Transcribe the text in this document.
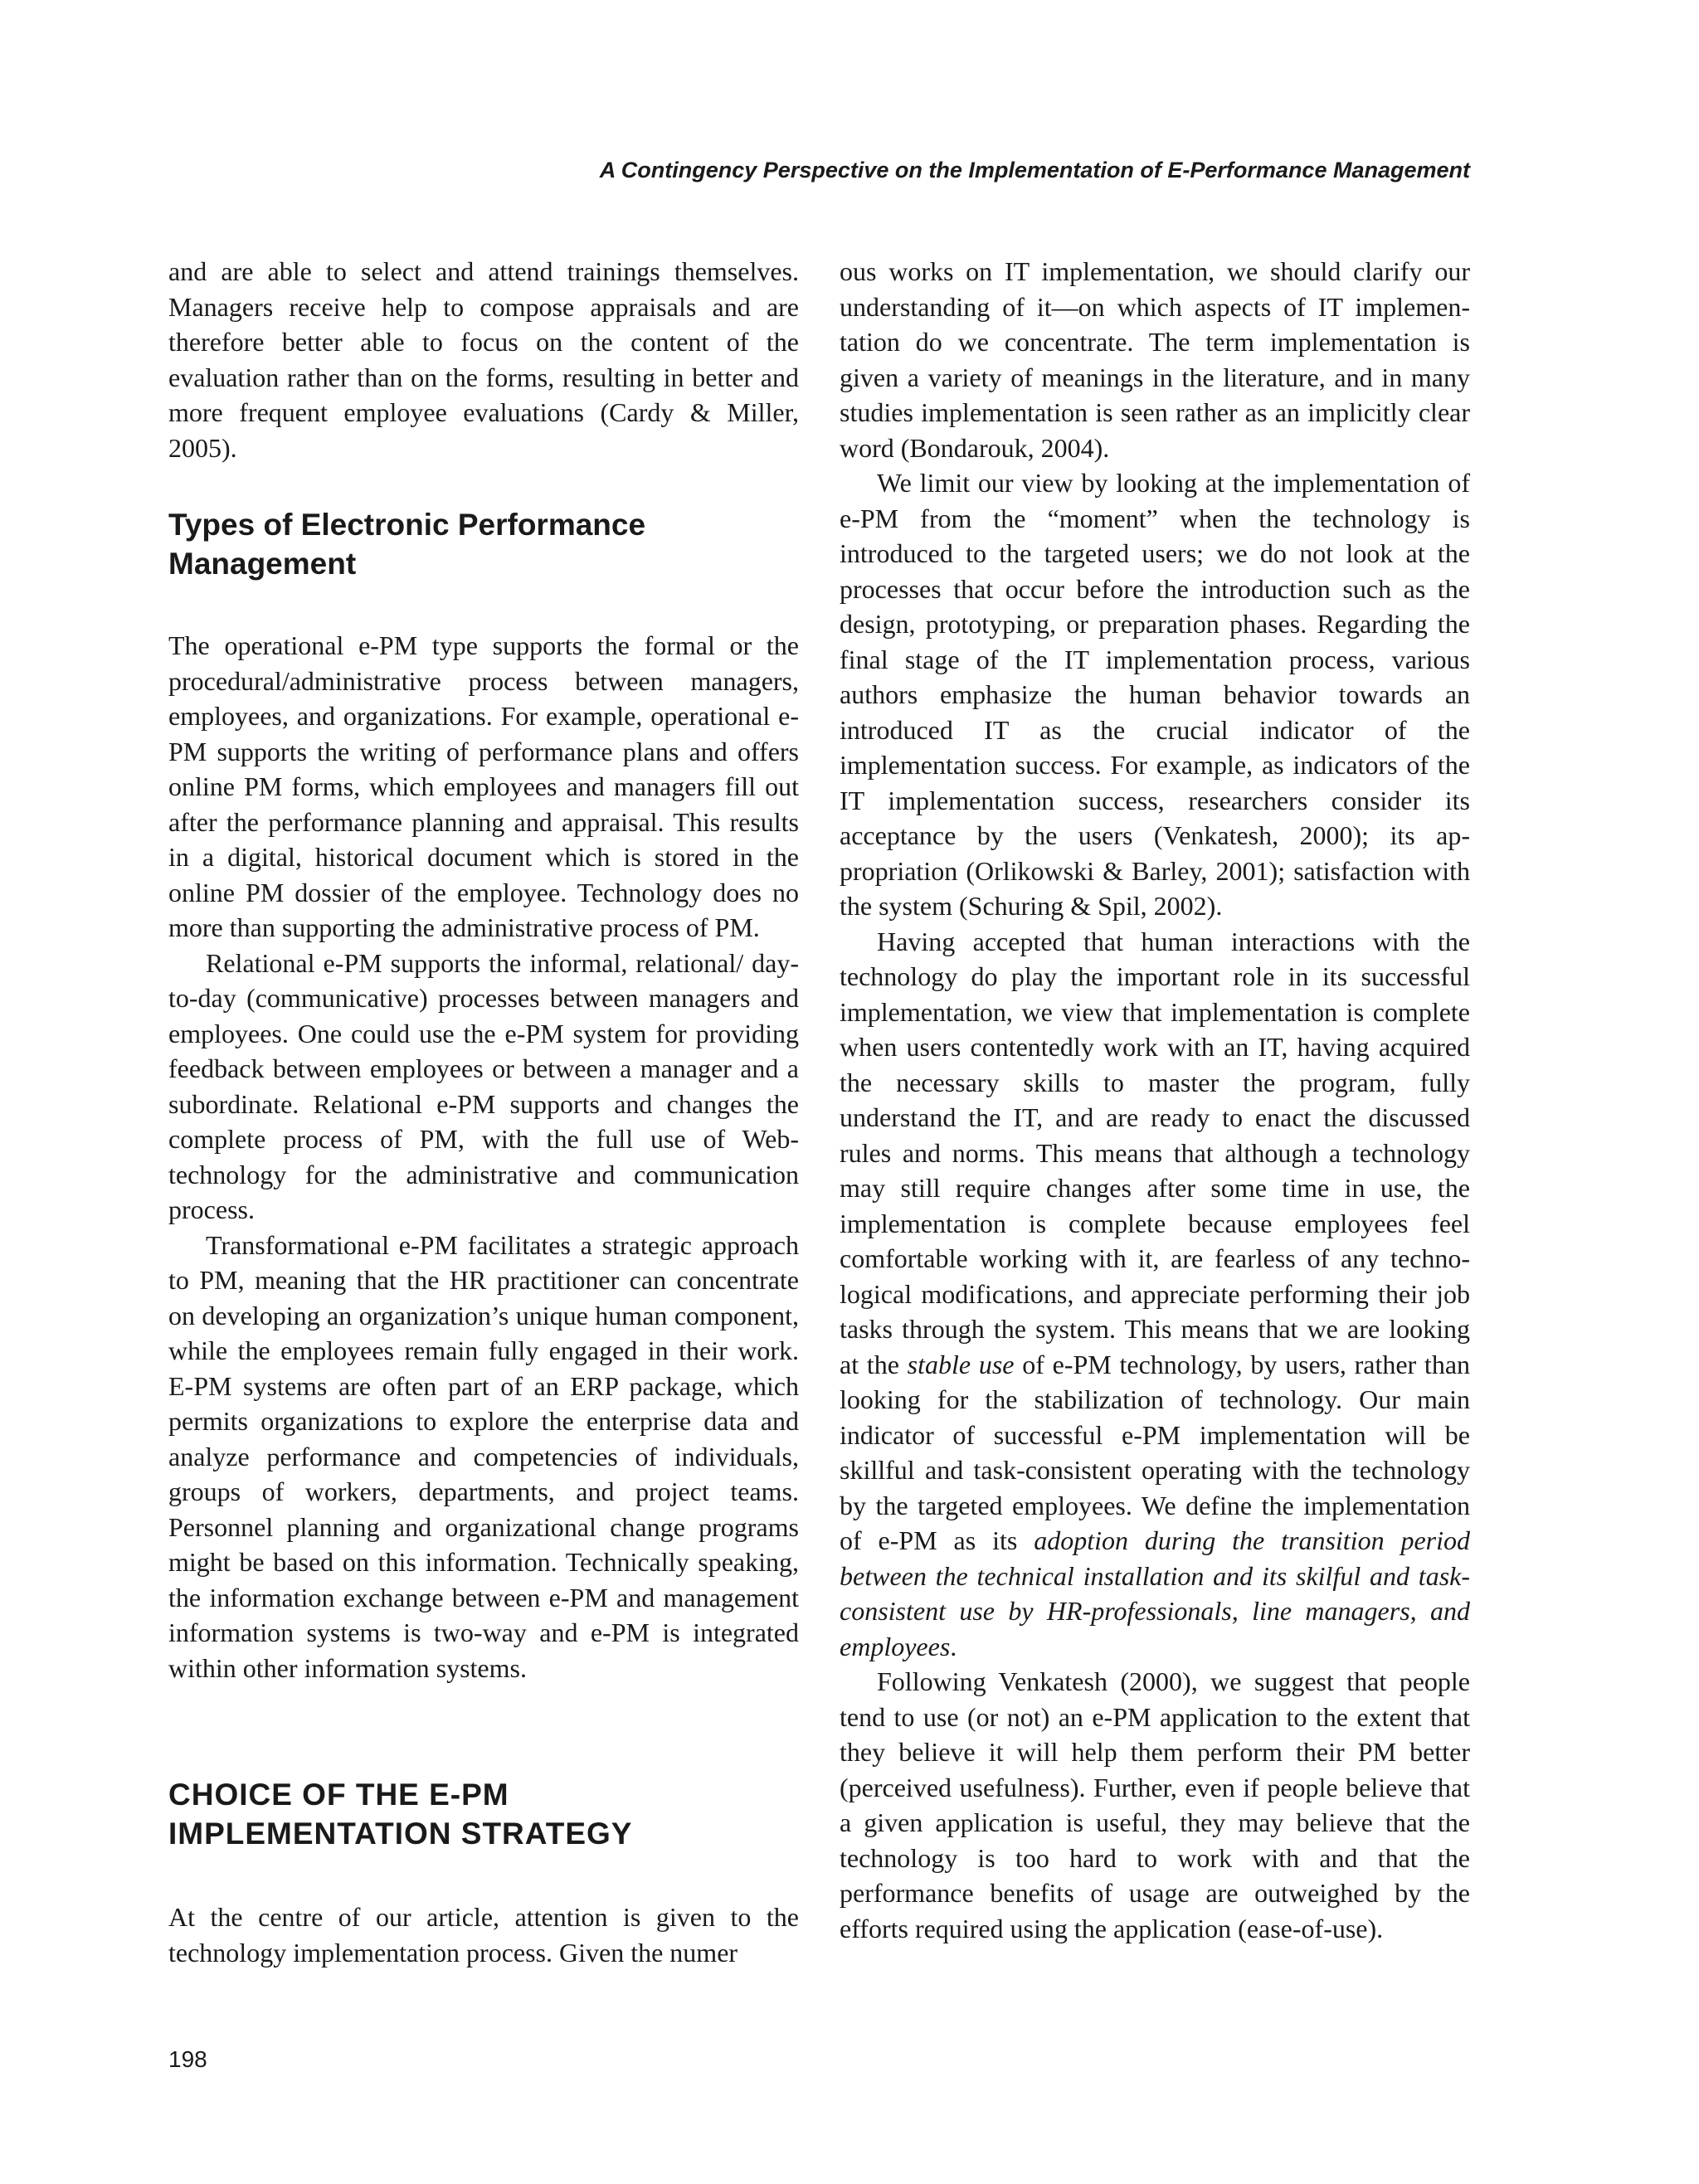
A Contingency Perspective on the Implementation of E-Performance Management

and are able to select and attend trainings themselves. Managers receive help to compose appraisals and are therefore better able to focus on the content of the evaluation rather than on the forms, resulting in better and more frequent employee evaluations (Cardy & Miller, 2005).

Types of Electronic Performance
Management

The operational e-PM type supports the formal or the procedural/administrative process between managers, employees, and organizations. For example, operational e-PM supports the writing of performance plans and offers online PM forms, which employees and managers fill out after the performance planning and appraisal. This results in a digital, historical document which is stored in the online PM dossier of the employee. Technology does no more than supporting the administrative process of PM.

Relational e-PM supports the informal, relational/ day-to-day (communicative) processes between managers and employees. One could use the e-PM system for providing feedback between employees or between a manager and a subordinate. Relational e-PM supports and changes the complete process of PM, with the full use of Web-technology for the administrative and communication process.

Transformational e-PM facilitates a strategic approach to PM, meaning that the HR practitioner can concentrate on developing an organization’s unique human component, while the employees remain fully engaged in their work. E-PM systems are often part of an ERP package, which permits organizations to explore the enterprise data and analyze performance and competencies of individuals, groups of workers, departments, and project teams. Personnel planning and organizational change programs might be based on this information. Technically speaking, the information exchange between e-PM and management information systems is two-way and e-PM is integrated within other information systems.

CHOICE OF THE E-PM
IMPLEMENTATION STRATEGY

At the centre of our article, attention is given to the technology implementation process. Given the numer

ous works on IT implementation, we should clarify our understanding of it—on which aspects of IT implementation do we concentrate. The term implementation is given a variety of meanings in the literature, and in many studies implementation is seen rather as an implicitly clear word (Bondarouk, 2004).

We limit our view by looking at the implementation of e-PM from the “moment” when the technology is introduced to the targeted users; we do not look at the processes that occur before the introduction such as the design, prototyping, or preparation phases. Regarding the final stage of the IT implementation process, various authors emphasize the human behavior towards an introduced IT as the crucial indicator of the implementation success. For example, as indicators of the IT implementation success, researchers consider its acceptance by the users (Venkatesh, 2000); its appropriation (Orlikowski & Barley, 2001); satisfaction with the system (Schuring & Spil, 2002).

Having accepted that human interactions with the technology do play the important role in its successful implementation, we view that implementation is complete when users contentedly work with an IT, having acquired the necessary skills to master the program, fully understand the IT, and are ready to enact the discussed rules and norms. This means that although a technology may still require changes after some time in use, the implementation is complete because employees feel comfortable working with it, are fearless of any technological modifications, and appreciate performing their job tasks through the system. This means that we are looking at the stable use of e-PM technology, by users, rather than looking for the stabilization of technology. Our main indicator of successful e-PM implementation will be skillful and task-consistent operating with the technology by the targeted employees. We define the implementation of e-PM as its adoption during the transition period between the technical installation and its skilful and task-consistent use by HR-professionals, line managers, and employees.

Following Venkatesh (2000), we suggest that people tend to use (or not) an e-PM application to the extent that they believe it will help them perform their PM better (perceived usefulness). Further, even if people believe that a given application is useful, they may believe that the technology is too hard to work with and that the performance benefits of usage are outweighed by the efforts required using the application (ease-of-use).

198
